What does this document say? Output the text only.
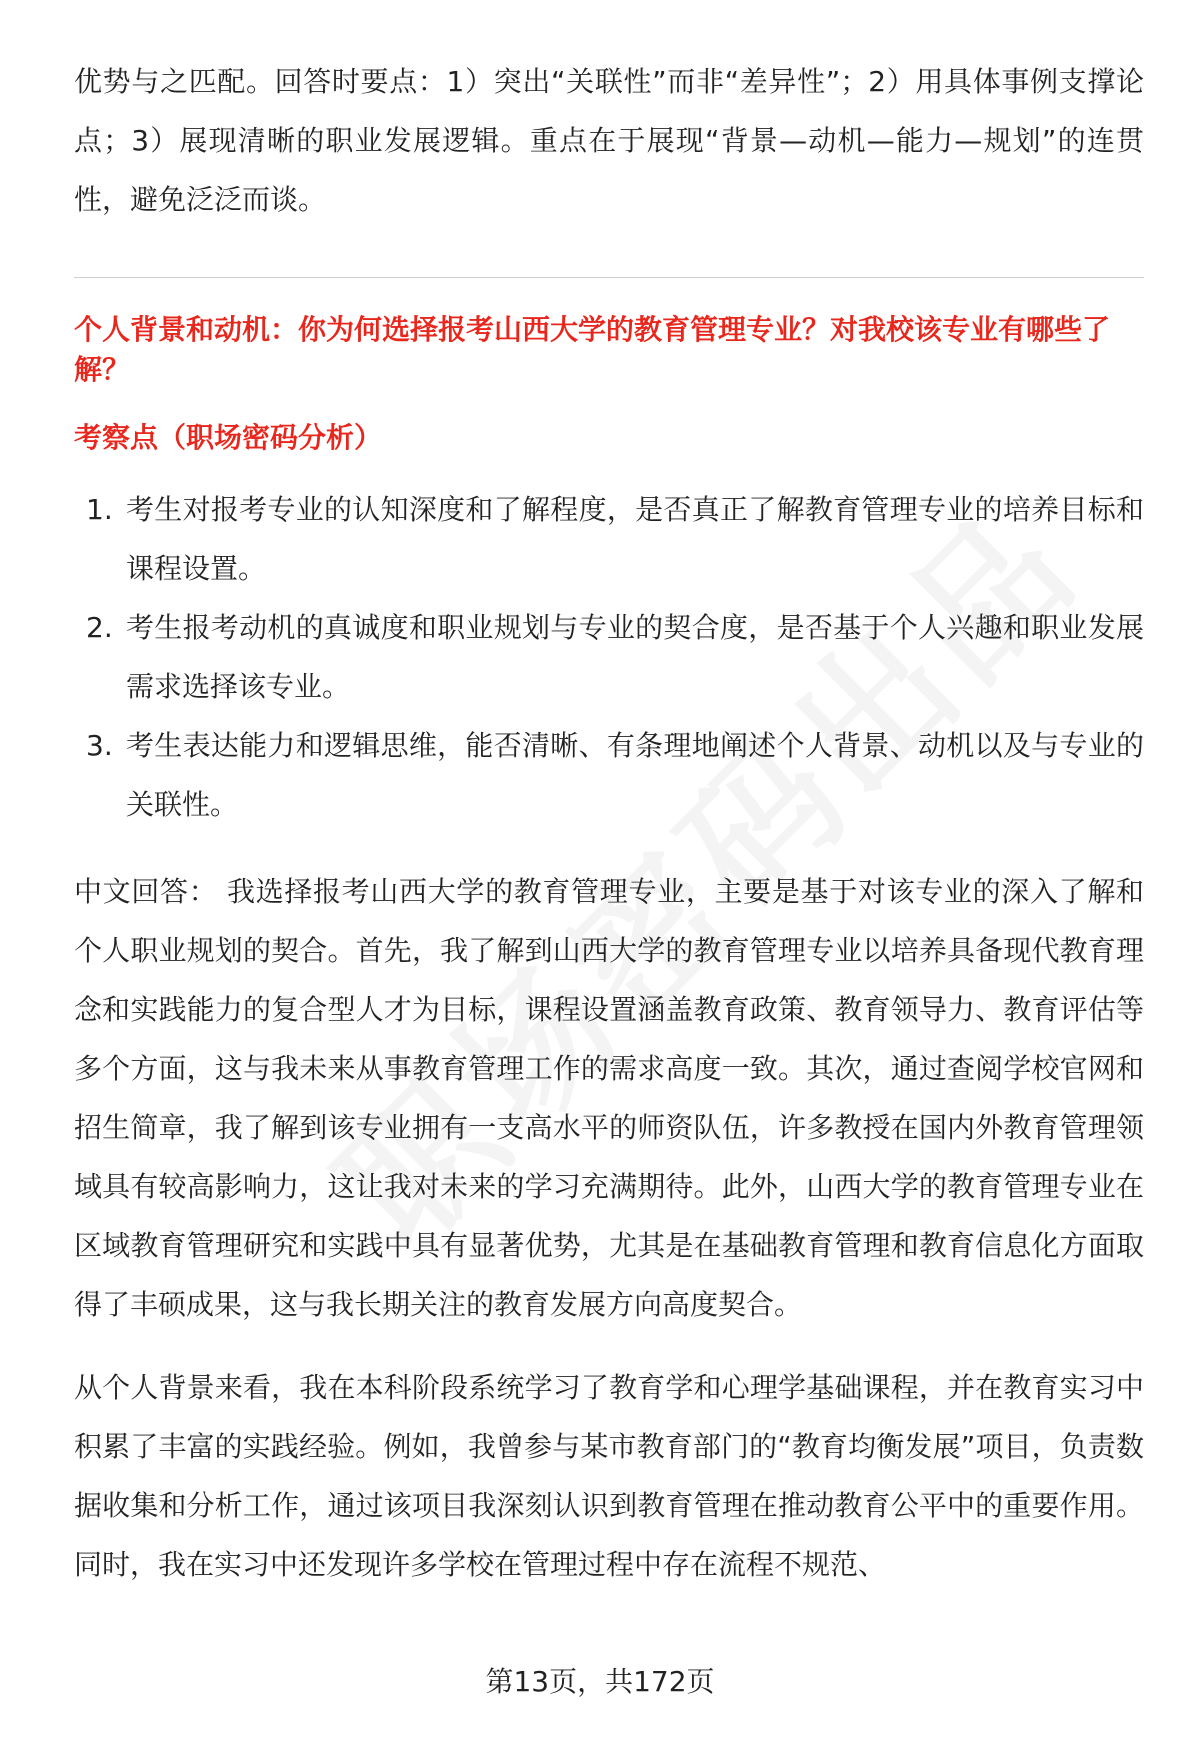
优势与之匹配。回答时要点：1）突出“关联性”而非“差异性”；2）用具体事例支撑论点；3）展现清晰的职业发展逻辑。重点在于展现“背景—动机—能力—规划”的连贯性，避免泛泛而谈。

个人背景和动机：你为何选择报考山西大学的教育管理专业？对我校该专业有哪些了解？
考察点（职场密码分析）
1. 考生对报考专业的认知深度和了解程度，是否真正了解教育管理专业的培养目标和课程设置。
2. 考生报考动机的真诚度和职业规划与专业的契合度，是否基于个人兴趣和职业发展需求选择该专业。
3. 考生表达能力和逻辑思维，能否清晰、有条理地阐述个人背景、动机以及与专业的关联性。

中文回答： 我选择报考山西大学的教育管理专业，主要是基于对该专业的深入了解和个人职业规划的契合。首先，我了解到山西大学的教育管理专业以培养具备现代教育理念和实践能力的复合型人才为目标，课程设置涵盖教育政策、教育领导力、教育评估等多个方面，这与我未来从事教育管理工作的需求高度一致。其次，通过查阅学校官网和招生简章，我了解到该专业拥有一支高水平的师资队伍，许多教授在国内外教育管理领域具有较高影响力，这让我对未来的学习充满期待。此外，山西大学的教育管理专业在区域教育管理研究和实践中具有显著优势，尤其是在基础教育管理和教育信息化方面取得了丰硕成果，这与我长期关注的教育发展方向高度契合。

从个人背景来看，我在本科阶段系统学习了教育学和心理学基础课程，并在教育实习中积累了丰富的实践经验。例如，我曾参与某市教育部门的“教育均衡发展”项目，负责数据收集和分析工作，通过该项目我深刻认识到教育管理在推动教育公平中的重要作用。同时，我在实习中还发现许多学校在管理过程中存在流程不规范、

第13页，共172页
